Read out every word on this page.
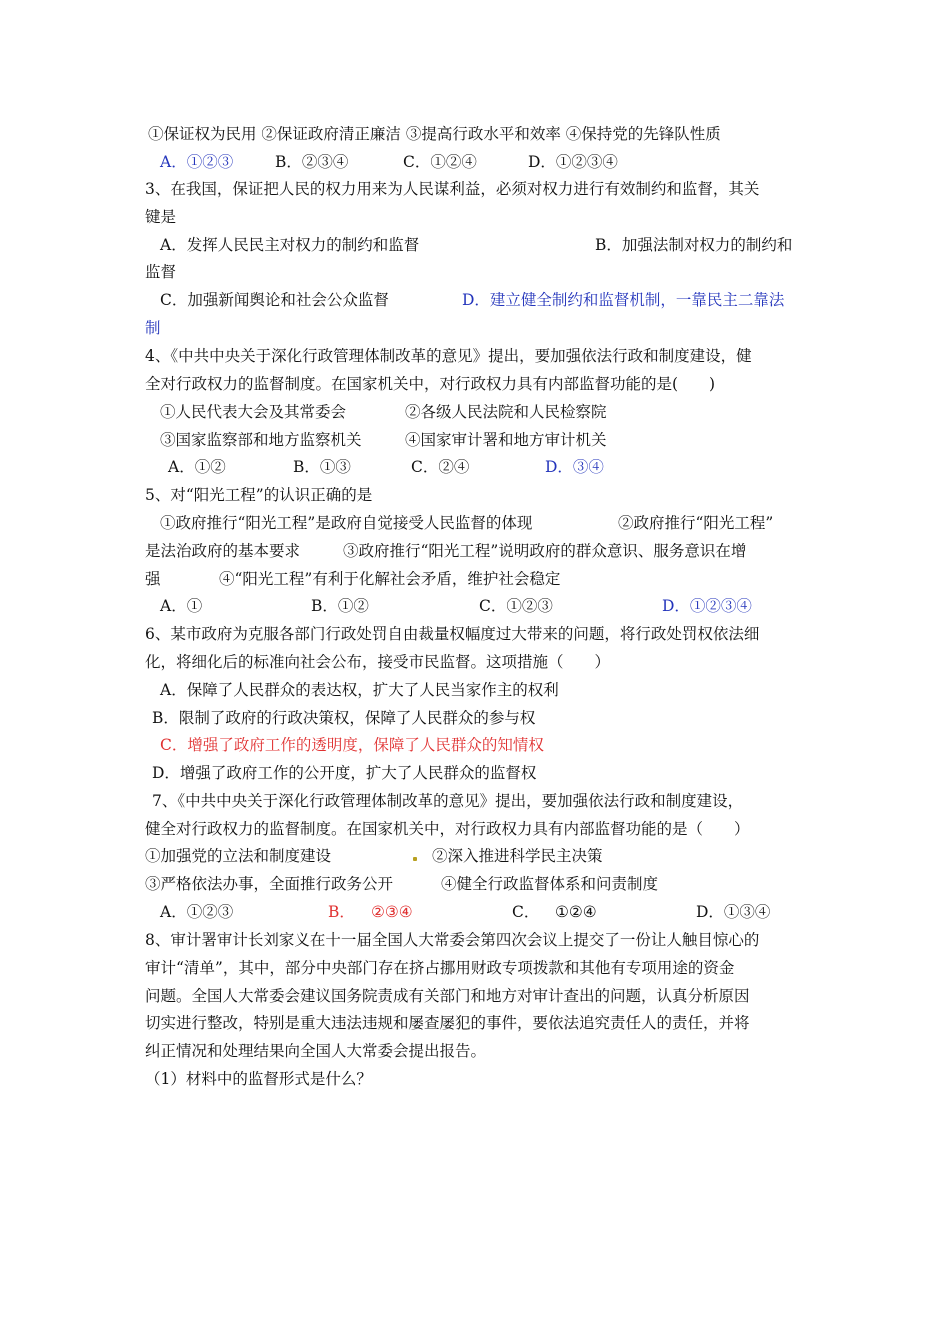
①保证权为民用 ②保证政府清正廉洁 ③提高行政水平和效率 ④保持党的先锋队性质
A．①②③	B．②③④	C．①②④	D．①②③④
3、在我国，保证把人民的权力用来为人民谋利益，必须对权力进行有效制约和监督，其关
键是
A．发挥人民民主对权力的制约和监督	B．加强法制对权力的制约和
监督
C．加强新闻舆论和社会公众监督	D．建立健全制约和监督机制，一靠民主二靠法
制
4、《中共中央关于深化行政管理体制改革的意见》提出，要加强依法行政和制度建设，健
全对行政权力的监督制度。在国家机关中，对行政权力具有内部监督功能的是(　　)
①人民代表大会及其常委会	②各级人民法院和人民检察院
③国家监察部和地方监察机关	④国家审计署和地方审计机关
A．①②	B．①③	C．②④	D．③④
5、对“阳光工程”的认识正确的是
①政府推行“阳光工程”是政府自觉接受人民监督的体现	②政府推行“阳光工程”
是法治政府的基本要求	③政府推行“阳光工程”说明政府的群众意识、服务意识在增
强	④“阳光工程”有利于化解社会矛盾，维护社会稳定
A．①	B．①②	C．①②③	D．①②③④
6、某市政府为克服各部门行政处罚自由裁量权幅度过大带来的问题，将行政处罚权依法细
化，将细化后的标准向社会公布，接受市民监督。这项措施（　　）
A．保障了人民群众的表达权，扩大了人民当家作主的权利
B．限制了政府的行政决策权，保障了人民群众的参与权
C．增强了政府工作的透明度，保障了人民群众的知情权
D．增强了政府工作的公开度，扩大了人民群众的监督权
7、《中共中央关于深化行政管理体制改革的意见》提出，要加强依法行政和制度建设，
健全对行政权力的监督制度。在国家机关中，对行政权力具有内部监督功能的是（　　）
①加强党的立法和制度建设	②深入推进科学民主决策
③严格依法办事，全面推行政务公开	④健全行政监督体系和问责制度
A．①②③	B． ②③④	C． ①②④	D．①③④
8、审计署审计长刘家义在十一届全国人大常委会第四次会议上提交了一份让人触目惊心的
审计“清单”，其中，部分中央部门存在挤占挪用财政专项拨款和其他有专项用途的资金
问题。全国人大常委会建议国务院责成有关部门和地方对审计查出的问题，认真分析原因
切实进行整改，特别是重大违法违规和屡查屡犯的事件，要依法追究责任人的责任，并将
纠正情况和处理结果向全国人大常委会提出报告。
（1）材料中的监督形式是什么？
